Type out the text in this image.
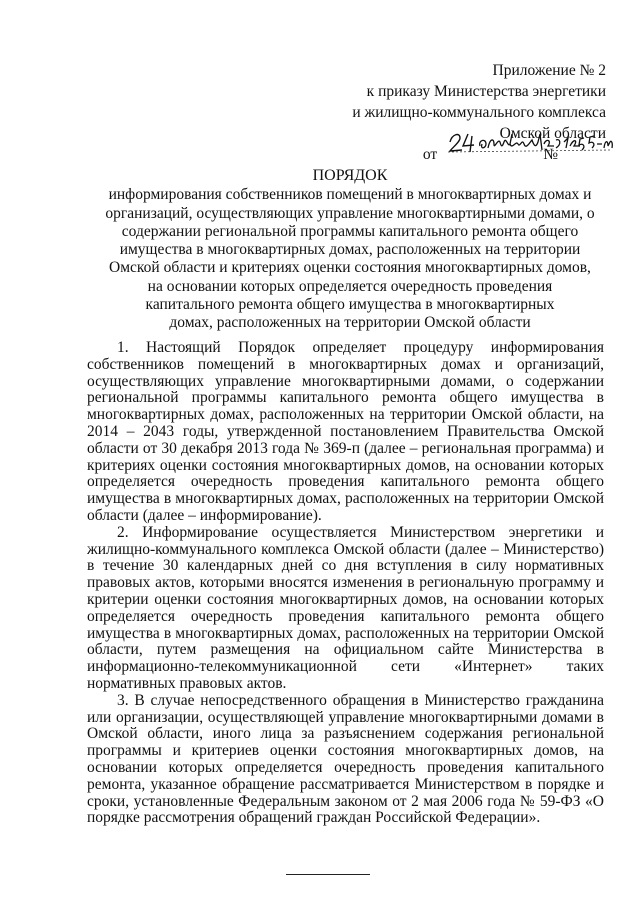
Приложение № 2
к приказу Министерства энергетики
и жилищно-коммунального комплекса
Омской области
от	№
ПОРЯДОК
информирования собственников помещений в многоквартирных домах и
организаций, осуществляющих управление многоквартирными домами, о
содержании региональной программы капитального ремонта общего
имущества в многоквартирных домах, расположенных на территории
Омской области и критериях оценки состояния многоквартирных домов,
на основании которых определяется очередность проведения
капитального ремонта общего имущества в многоквартирных
домах, расположенных на территории Омской области

1. Настоящий Порядок определяет процедуру информирования собственников помещений в многоквартирных домах и организаций, осуществляющих управление многоквартирными домами, о содержании региональной программы капитального ремонта общего имущества в многоквартирных домах, расположенных на территории Омской области, на 2014 – 2043 годы, утвержденной постановлением Правительства Омской области от 30 декабря 2013 года № 369-п (далее – региональная программа) и критериях оценки состояния многоквартирных домов, на основании которых определяется очередность проведения капитального ремонта общего имущества в многоквартирных домах, расположенных на территории Омской области (далее – информирование).

2. Информирование осуществляется Министерством энергетики и жилищно-коммунального комплекса Омской области (далее – Министерство) в течение 30 календарных дней со дня вступления в силу нормативных правовых актов, которыми вносятся изменения в региональную программу и критерии оценки состояния многоквартирных домов, на основании которых определяется очередность проведения капитального ремонта общего имущества в многоквартирных домах, расположенных на территории Омской области, путем размещения на официальном сайте Министерства в информационно-телекоммуникационной сети «Интернет» таких нормативных правовых актов.

3. В случае непосредственного обращения в Министерство гражданина или организации, осуществляющей управление многоквартирными домами в Омской области, иного лица за разъяснением содержания региональной программы и критериев оценки состояния многоквартирных домов, на основании которых определяется очередность проведения капитального ремонта, указанное обращение рассматривается Министерством в порядке и сроки, установленные Федеральным законом от 2 мая 2006 года № 59-ФЗ «О порядке рассмотрения обращений граждан Российской Федерации».
